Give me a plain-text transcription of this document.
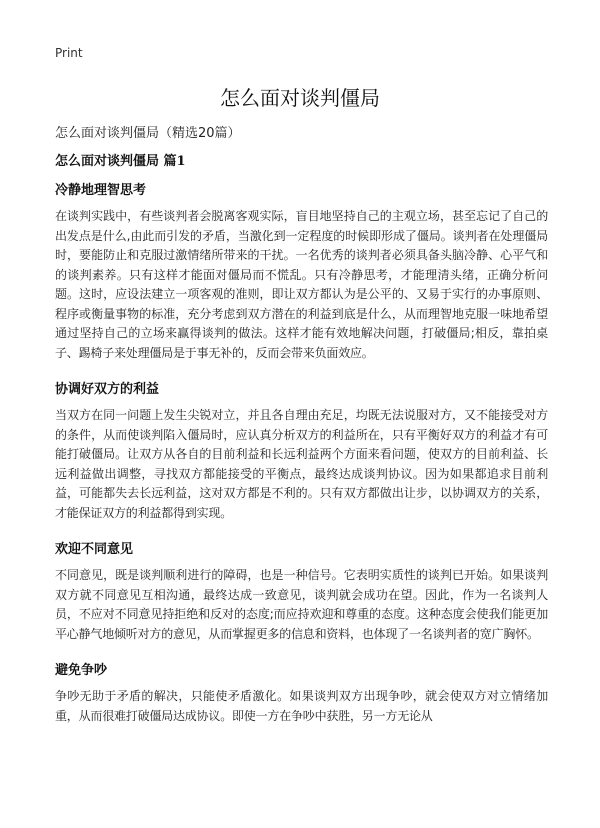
Print
怎么面对谈判僵局

怎么面对谈判僵局（精选20篇）

怎么面对谈判僵局 篇1
冷静地理智思考

在谈判实践中，有些谈判者会脱离客观实际，盲目地坚持自己的主观立场，甚至忘记了自己的出发点是什么,由此而引发的矛盾，当激化到一定程度的时候即形成了僵局。谈判者在处理僵局时，要能防止和克服过激情绪所带来的干扰。一名优秀的谈判者必须具备头脑冷静、心平气和的谈判素养。只有这样才能面对僵局而不慌乱。只有冷静思考，才能理清头绪，正确分析问题。这时，应设法建立一项客观的准则，即让双方都认为是公平的、又易于实行的办事原则、程序或衡量事物的标准，充分考虑到双方潜在的利益到底是什么，从而理智地克服一味地希望通过坚持自己的立场来赢得谈判的做法。这样才能有效地解决问题，打破僵局;相反，靠拍桌子、踢椅子来处理僵局是于事无补的，反而会带来负面效应。

协调好双方的利益

当双方在同一问题上发生尖锐对立，并且各自理由充足，均既无法说服对方，又不能接受对方的条件，从而使谈判陷入僵局时，应认真分析双方的利益所在，只有平衡好双方的利益才有可能打破僵局。让双方从各自的目前利益和长远利益两个方面来看问题，使双方的目前利益、长远利益做出调整，寻找双方都能接受的平衡点，最终达成谈判协议。因为如果都追求目前利益，可能都失去长远利益，这对双方都是不利的。只有双方都做出让步，以协调双方的关系，才能保证双方的利益都得到实现。

欢迎不同意见

不同意见，既是谈判顺利进行的障碍，也是一种信号。它表明实质性的谈判已开始。如果谈判双方就不同意见互相沟通，最终达成一致意见，谈判就会成功在望。因此，作为一名谈判人员，不应对不同意见持拒绝和反对的态度;而应持欢迎和尊重的态度。这种态度会使我们能更加平心静气地倾听对方的意见，从而掌握更多的信息和资料，也体现了一名谈判者的宽广胸怀。

避免争吵

争吵无助于矛盾的解决，只能使矛盾激化。如果谈判双方出现争吵，就会使双方对立情绪加重，从而很难打破僵局达成协议。即使一方在争吵中获胜，另一方无论从
